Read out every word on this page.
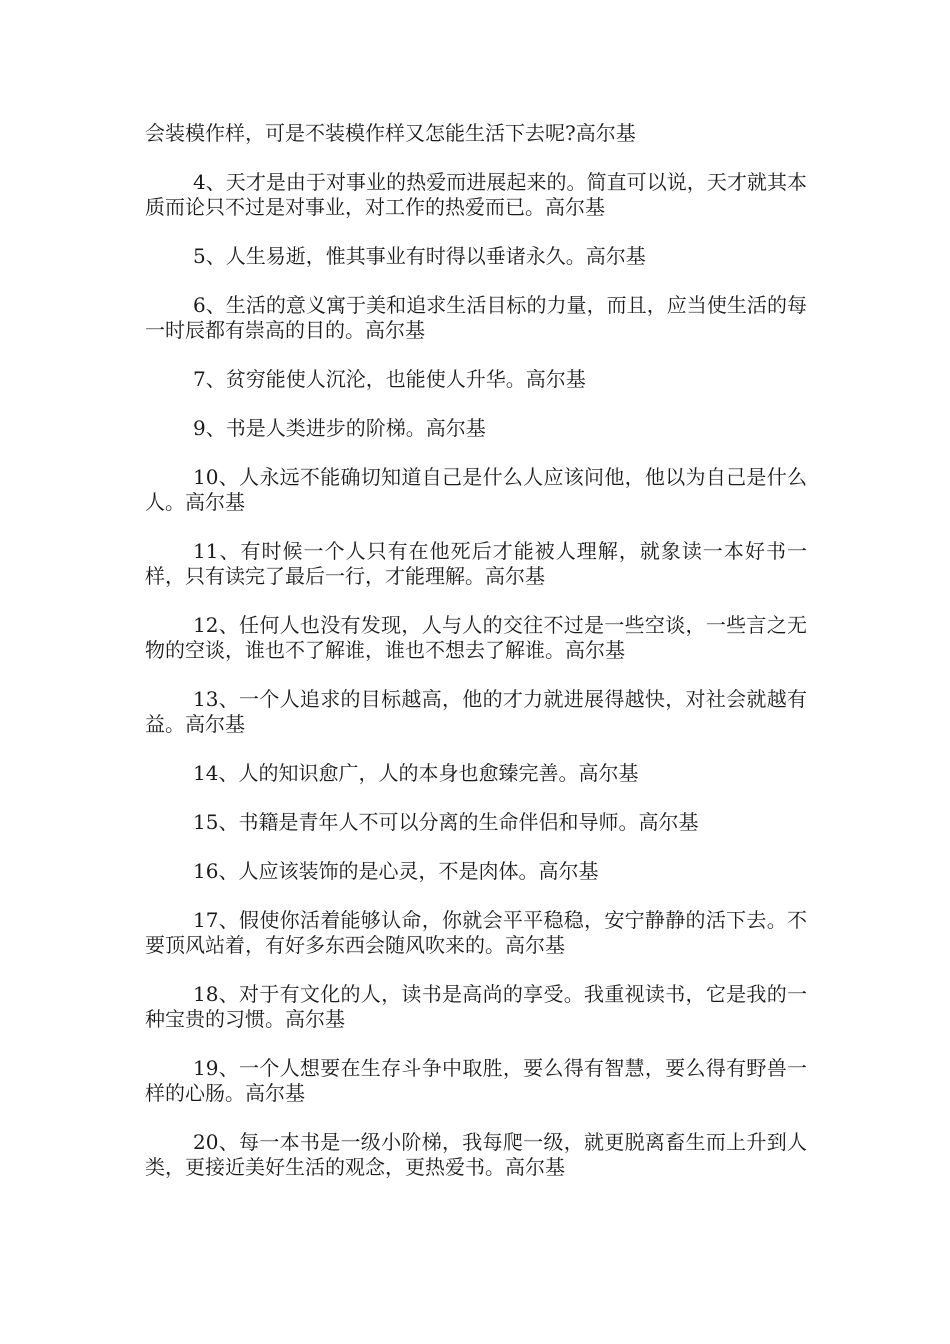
会装模作样，可是不装模作样又怎能生活下去呢?高尔基

4、天才是由于对事业的热爱而进展起来的。简直可以说，天才就其本质而论只不过是对事业，对工作的热爱而已。高尔基

5、人生易逝，惟其事业有时得以垂诸永久。高尔基

6、生活的意义寓于美和追求生活目标的力量，而且，应当使生活的每一时辰都有崇高的目的。高尔基

7、贫穷能使人沉沦，也能使人升华。高尔基

9、书是人类进步的阶梯。高尔基

10、人永远不能确切知道自己是什么人应该问他，他以为自己是什么人。高尔基

11、有时候一个人只有在他死后才能被人理解，就象读一本好书一样，只有读完了最后一行，才能理解。高尔基

12、任何人也没有发现，人与人的交往不过是一些空谈，一些言之无物的空谈，谁也不了解谁，谁也不想去了解谁。高尔基

13、一个人追求的目标越高，他的才力就进展得越快，对社会就越有益。高尔基

14、人的知识愈广，人的本身也愈臻完善。高尔基

15、书籍是青年人不可以分离的生命伴侣和导师。高尔基

16、人应该装饰的是心灵，不是肉体。高尔基

17、假使你活着能够认命，你就会平平稳稳，安宁静静的活下去。不要顶风站着，有好多东西会随风吹来的。高尔基

18、对于有文化的人，读书是高尚的享受。我重视读书，它是我的一种宝贵的习惯。高尔基

19、一个人想要在生存斗争中取胜，要么得有智慧，要么得有野兽一样的心肠。高尔基

20、每一本书是一级小阶梯，我每爬一级，就更脱离畜生而上升到人类，更接近美好生活的观念，更热爱书。高尔基
